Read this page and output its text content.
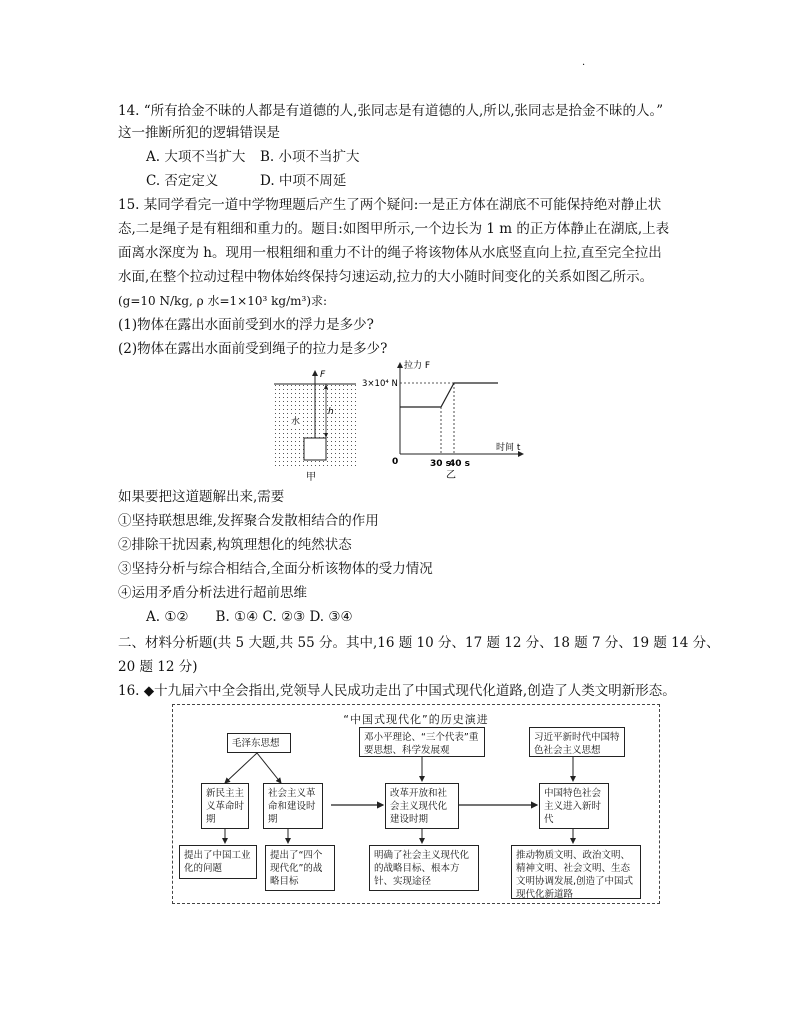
·
14. “所有拾金不昧的人都是有道德的人,张同志是有道德的人,所以,张同志是拾金不昧的人。”
这一推断所犯的逻辑错误是
A. 大项不当扩大 B. 小项不当扩大
C. 否定定义	D. 中项不周延
15. 某同学看完一道中学物理题后产生了两个疑问:一是正方体在湖底不可能保持绝对静止状
态,二是绳子是有粗细和重力的。题目:如图甲所示,一个边长为 1 m 的正方体静止在湖底,上表
面离水深度为 h。现用一根粗细和重力不计的绳子将该物体从水底竖直向上拉,直至完全拉出
水面,在整个拉动过程中物体始终保持匀速运动,拉力的大小随时间变化的关系如图乙所示。
(g=10 N/kg, ρ 水=1×10³ kg/m³)求:
(1)物体在露出水面前受到水的浮力是多少?
(2)物体在露出水面前受到绳子的拉力是多少?
水
h
F
甲
拉力 F
3×10⁴ N
0
时间 t
30 s
40 s
乙
如果要把这道题解出来,需要
①坚持联想思维,发挥聚合发散相结合的作用
②排除干扰因素,构筑理想化的纯然状态
③坚持分析与综合相结合,全面分析该物体的受力情况
④运用矛盾分析法进行超前思维
A. ①②　　B. ①④ C. ②③ D. ③④
二、材料分析题(共 5 大题,共 55 分。其中,16 题 10 分、17 题 12 分、18 题 7 分、19 题 14 分、
20 题 12 分)
16. ◆十九届六中全会指出,党领导人民成功走出了中国式现代化道路,创造了人类文明新形态。
“中国式现代化”的历史演进
毛泽东思想
邓小平理论、“三个代表”重要思想、科学发展观
习近平新时代中国特色社会主义思想
新民主主义革命时期
社会主义革命和建设时期
改革开放和社会主义现代化建设时期
中国特色社会主义进入新时代
提出了中国工业化的问题
提出了“四个现代化”的战略目标
明确了社会主义现代化的战略目标、根本方针、实现途径
推动物质文明、政治文明、精神文明、社会文明、生态文明协调发展,创造了中国式现代化新道路
